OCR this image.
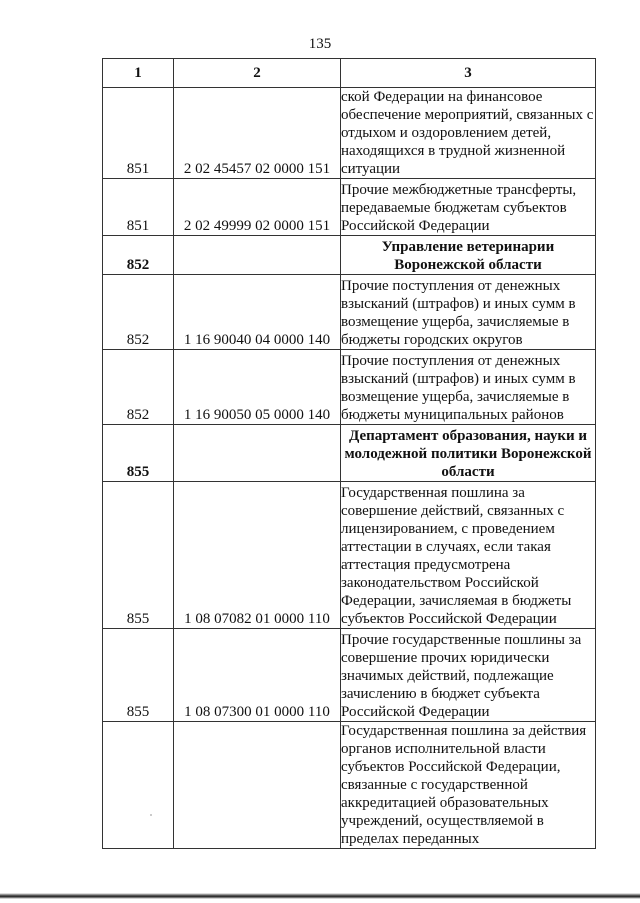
135
1	2	3
851	2 02 45457 02 0000 151	ской Федерации на финансовое обеспечение мероприятий, связанных с отдыхом и оздоровлением детей, находящихся в трудной жизненной ситуации
851	2 02 49999 02 0000 151	Прочие межбюджетные трансферты, передаваемые бюджетам субъектов Российской Федерации
852		Управление ветеринарии Воронежской области
852	1 16 90040 04 0000 140	Прочие поступления от денежных взысканий (штрафов) и иных сумм в возмещение ущерба, зачисляемые в бюджеты городских округов
852	1 16 90050 05 0000 140	Прочие поступления от денежных взысканий (штрафов) и иных сумм в возмещение ущерба, зачисляемые в бюджеты муниципальных районов
855		Департамент образования, науки и молодежной политики Воронежской области
855	1 08 07082 01 0000 110	Государственная пошлина за совершение действий, связанных с лицензированием, с проведением аттестации в случаях, если такая аттестация предусмотрена законодательством Российской Федерации, зачисляемая в бюджеты субъектов Российской Федерации
855	1 08 07300 01 0000 110	Прочие государственные пошлины за совершение прочих юридически значимых действий, подлежащие зачислению в бюджет субъекта Российской Федерации
		Государственная пошлина за действия органов исполнительной власти субъектов Российской Федерации, связанные с государственной аккредитацией образовательных учреждений, осуществляемой в пределах переданных
